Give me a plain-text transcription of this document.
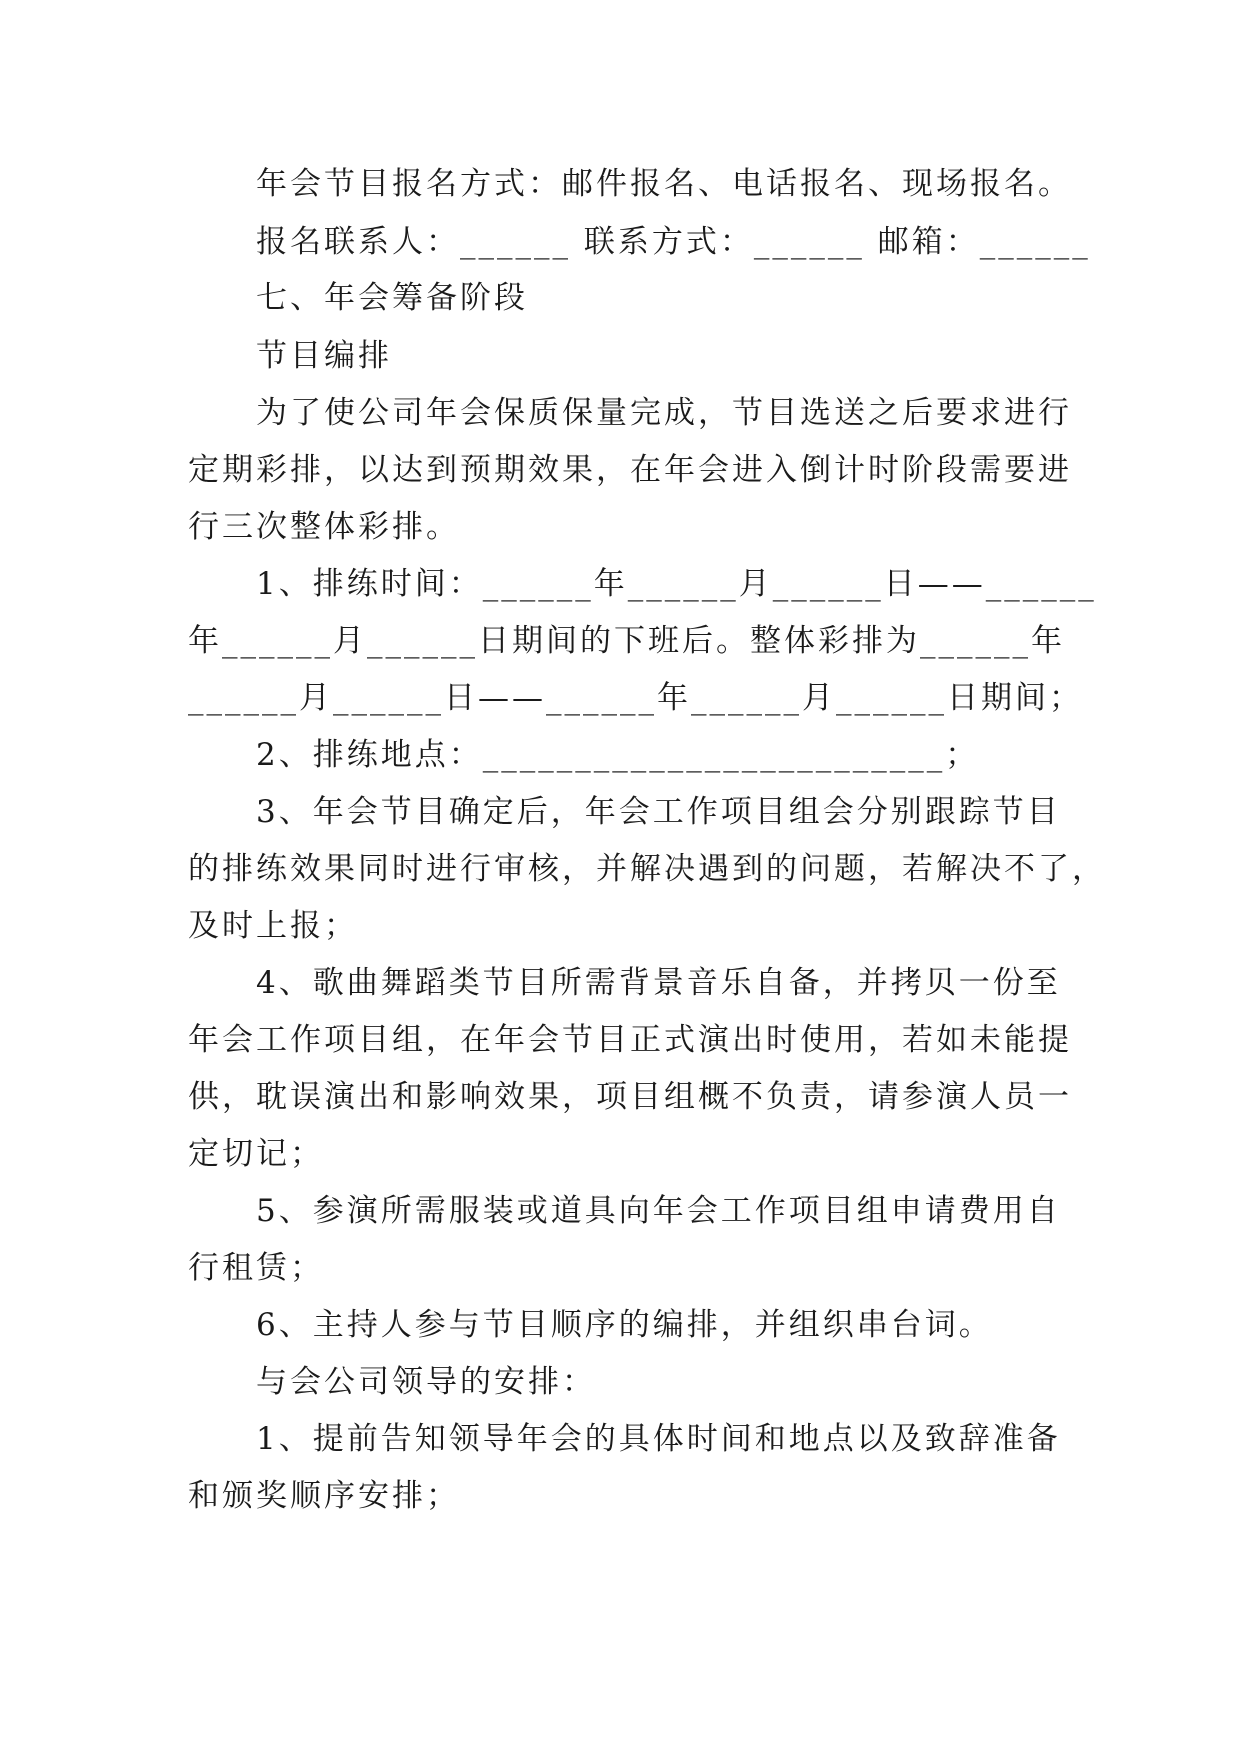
年会节目报名方式：邮件报名、电话报名、现场报名。
报名联系人：______ 联系方式：______ 邮箱：______
七、年会筹备阶段
节目编排
为了使公司年会保质保量完成，节目选送之后要求进行
定期彩排，以达到预期效果，在年会进入倒计时阶段需要进
行三次整体彩排。
1、排练时间：______年______月______日——______
年______月______日期间的下班后。整体彩排为______年
______月______日——______年______月______日期间；
2、排练地点：_________________________；
3、年会节目确定后，年会工作项目组会分别跟踪节目
的排练效果同时进行审核，并解决遇到的问题，若解决不了，
及时上报；
4、歌曲舞蹈类节目所需背景音乐自备，并拷贝一份至
年会工作项目组，在年会节目正式演出时使用，若如未能提
供，耽误演出和影响效果，项目组概不负责，请参演人员一
定切记；
5、参演所需服装或道具向年会工作项目组申请费用自
行租赁；
6、主持人参与节目顺序的编排，并组织串台词。
与会公司领导的安排：
1、提前告知领导年会的具体时间和地点以及致辞准备
和颁奖顺序安排；
